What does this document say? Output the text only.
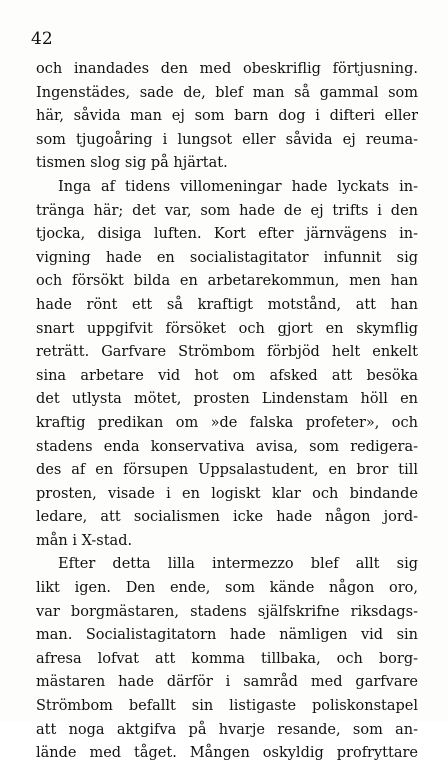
42
och inandades den med obeskriflig förtjusning.
Ingenstädes, sade de, blef man så gammal som
här, såvida man ej som barn dog i difteri eller
som tjugoåring i lungsot eller såvida ej reuma-
tismen slog sig på hjärtat.
Inga af tidens villomeningar hade lyckats in-
tränga här; det var, som hade de ej trifts i den
tjocka, disiga luften. Kort efter järnvägens in-
vigning hade en socialistagitator infunnit sig
och försökt bilda en arbetarekommun, men han
hade rönt ett så kraftigt motstånd, att han
snart uppgifvit försöket och gjort en skymflig
reträtt. Garfvare Strömbom förbjöd helt enkelt
sina arbetare vid hot om afsked att besöka
det utlysta mötet, prosten Lindenstam höll en
kraftig predikan om »de falska profeter», och
stadens enda konservativa avisa, som redigera-
des af en försupen Uppsalastudent, en bror till
prosten, visade i en logiskt klar och bindande
ledare, att socialismen icke hade någon jord-
mån i X-stad.
Efter detta lilla intermezzo blef allt sig
likt igen. Den ende, som kände någon oro,
var borgmästaren, stadens själfskrifne riksdags-
man. Socialistagitatorn hade nämligen vid sin
afresa lofvat att komma tillbaka, och borg-
mästaren hade därför i samråd med garfvare
Strömbom befallt sin listigaste poliskonstapel
att noga aktgifva på hvarje resande, som an-
lände med tåget. Mången oskyldig profryttare
